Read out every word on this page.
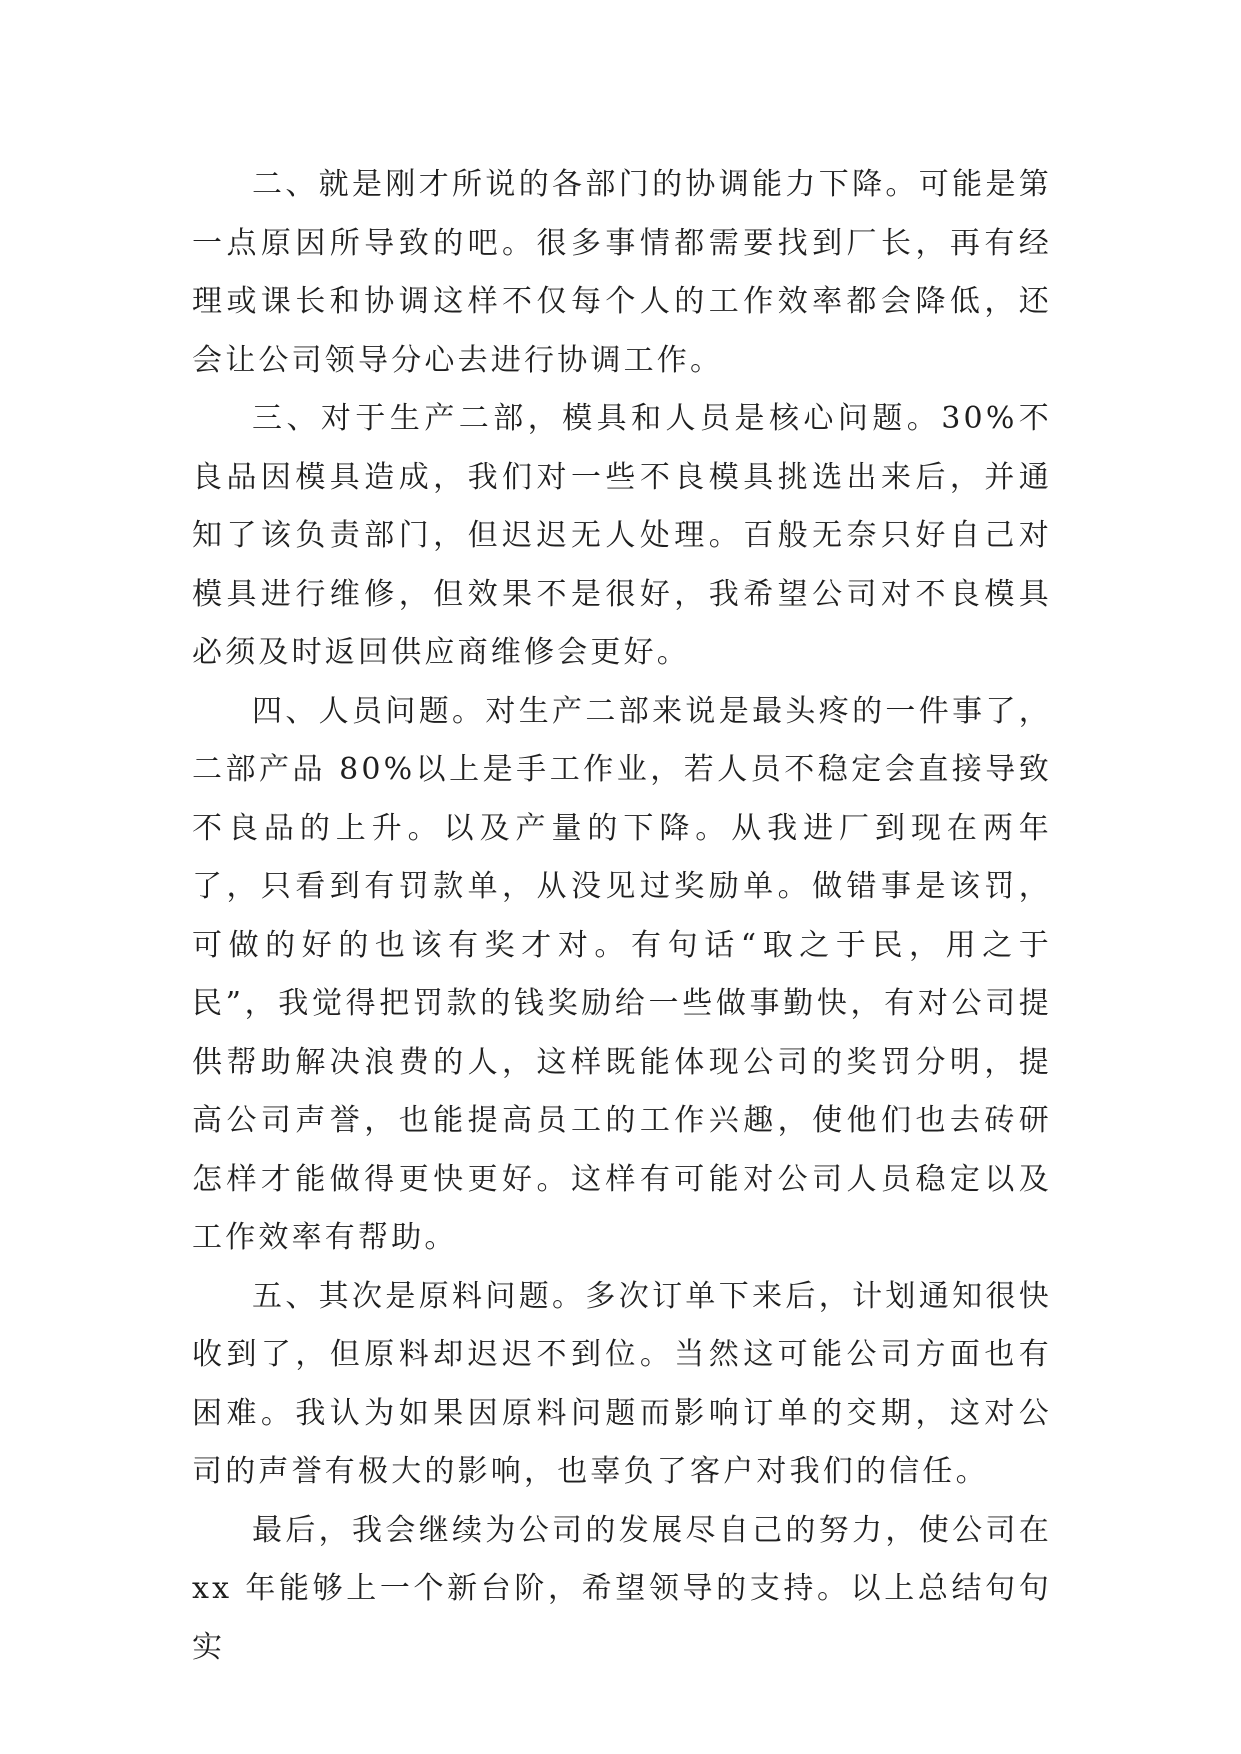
二、就是刚才所说的各部门的协调能力下降。可能是第一点原因所导致的吧。很多事情都需要找到厂长，再有经理或课长和协调这样不仅每个人的工作效率都会降低，还会让公司领导分心去进行协调工作。

三、对于生产二部，模具和人员是核心问题。30%不良品因模具造成，我们对一些不良模具挑选出来后，并通知了该负责部门，但迟迟无人处理。百般无奈只好自己对模具进行维修，但效果不是很好，我希望公司对不良模具必须及时返回供应商维修会更好。

四、人员问题。对生产二部来说是最头疼的一件事了，二部产品 80%以上是手工作业，若人员不稳定会直接导致不良品的上升。以及产量的下降。从我进厂到现在两年了，只看到有罚款单，从没见过奖励单。做错事是该罚，可做的好的也该有奖才对。有句话“取之于民，用之于民”，我觉得把罚款的钱奖励给一些做事勤快，有对公司提供帮助解决浪费的人，这样既能体现公司的奖罚分明，提高公司声誉，也能提高员工的工作兴趣，使他们也去砖研怎样才能做得更快更好。这样有可能对公司人员稳定以及工作效率有帮助。

五、其次是原料问题。多次订单下来后，计划通知很快收到了，但原料却迟迟不到位。当然这可能公司方面也有困难。我认为如果因原料问题而影响订单的交期，这对公司的声誉有极大的影响，也辜负了客户对我们的信任。

最后，我会继续为公司的发展尽自己的努力，使公司在xx 年能够上一个新台阶，希望领导的支持。以上总结句句实
